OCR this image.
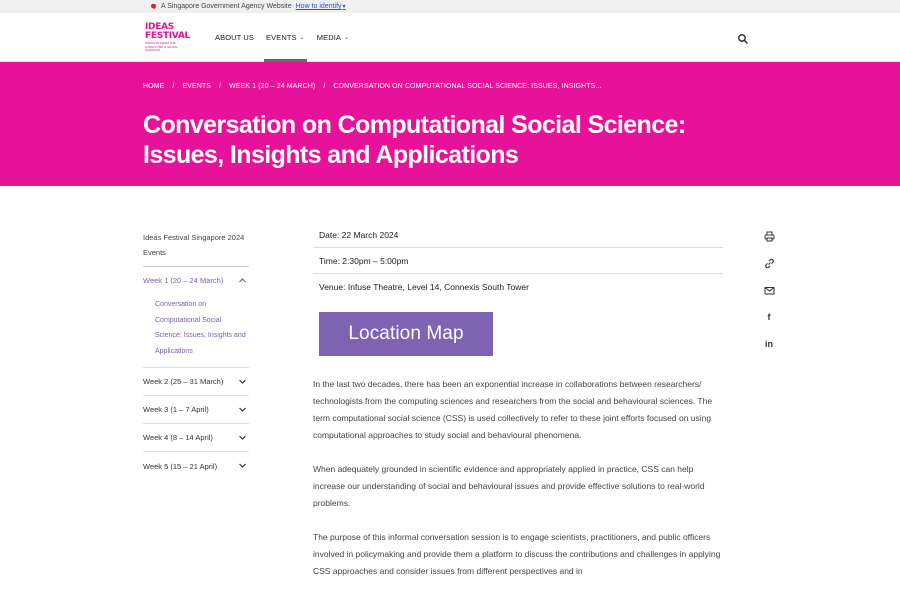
A Singapore Government Agency Website How to identify▾
IDEAS
FESTIVAL
INSIGHTS FROM THE COMPUTING & SOCIAL SCIENCES
ABOUT US EVENTS ⌄ MEDIA ⌄
HOME / EVENTS / WEEK 1 (20 – 24 MARCH) / CONVERSATION ON COMPUTATIONAL SOCIAL SCIENCE: ISSUES, INSIGHTS...
Conversation on Computational Social Science: Issues, Insights and Applications
Ideas Festival Singapore 2024 Events
Week 1 (20 – 24 March)
Conversation on Computational Social Science: Issues, Insights and Applications
Week 2 (25 – 31 March)
Week 3 (1 – 7 April)
Week 4 (8 – 14 April)
Week 5 (15 – 21 April)
Date: 22 March 2024
Time: 2:30pm – 5:00pm
Venue: Infuse Theatre, Level 14, Connexis South Tower
Location Map

In the last two decades, there has been an exponential increase in collaborations between researchers/ technologists from the computing sciences and researchers from the social and behavioural sciences. The term computational social science (CSS) is used collectively to refer to these joint efforts focused on using computational approaches to study social and behavioural phenomena.

When adequately grounded in scientific evidence and appropriately applied in practice, CSS can help increase our understanding of social and behavioural issues and provide effective solutions to real-world problems.

The purpose of this informal conversation session is to engage scientists, practitioners, and public officers involved in policymaking and provide them a platform to discuss the contributions and challenges in applying CSS approaches and consider issues from different perspectives and in

f
in
